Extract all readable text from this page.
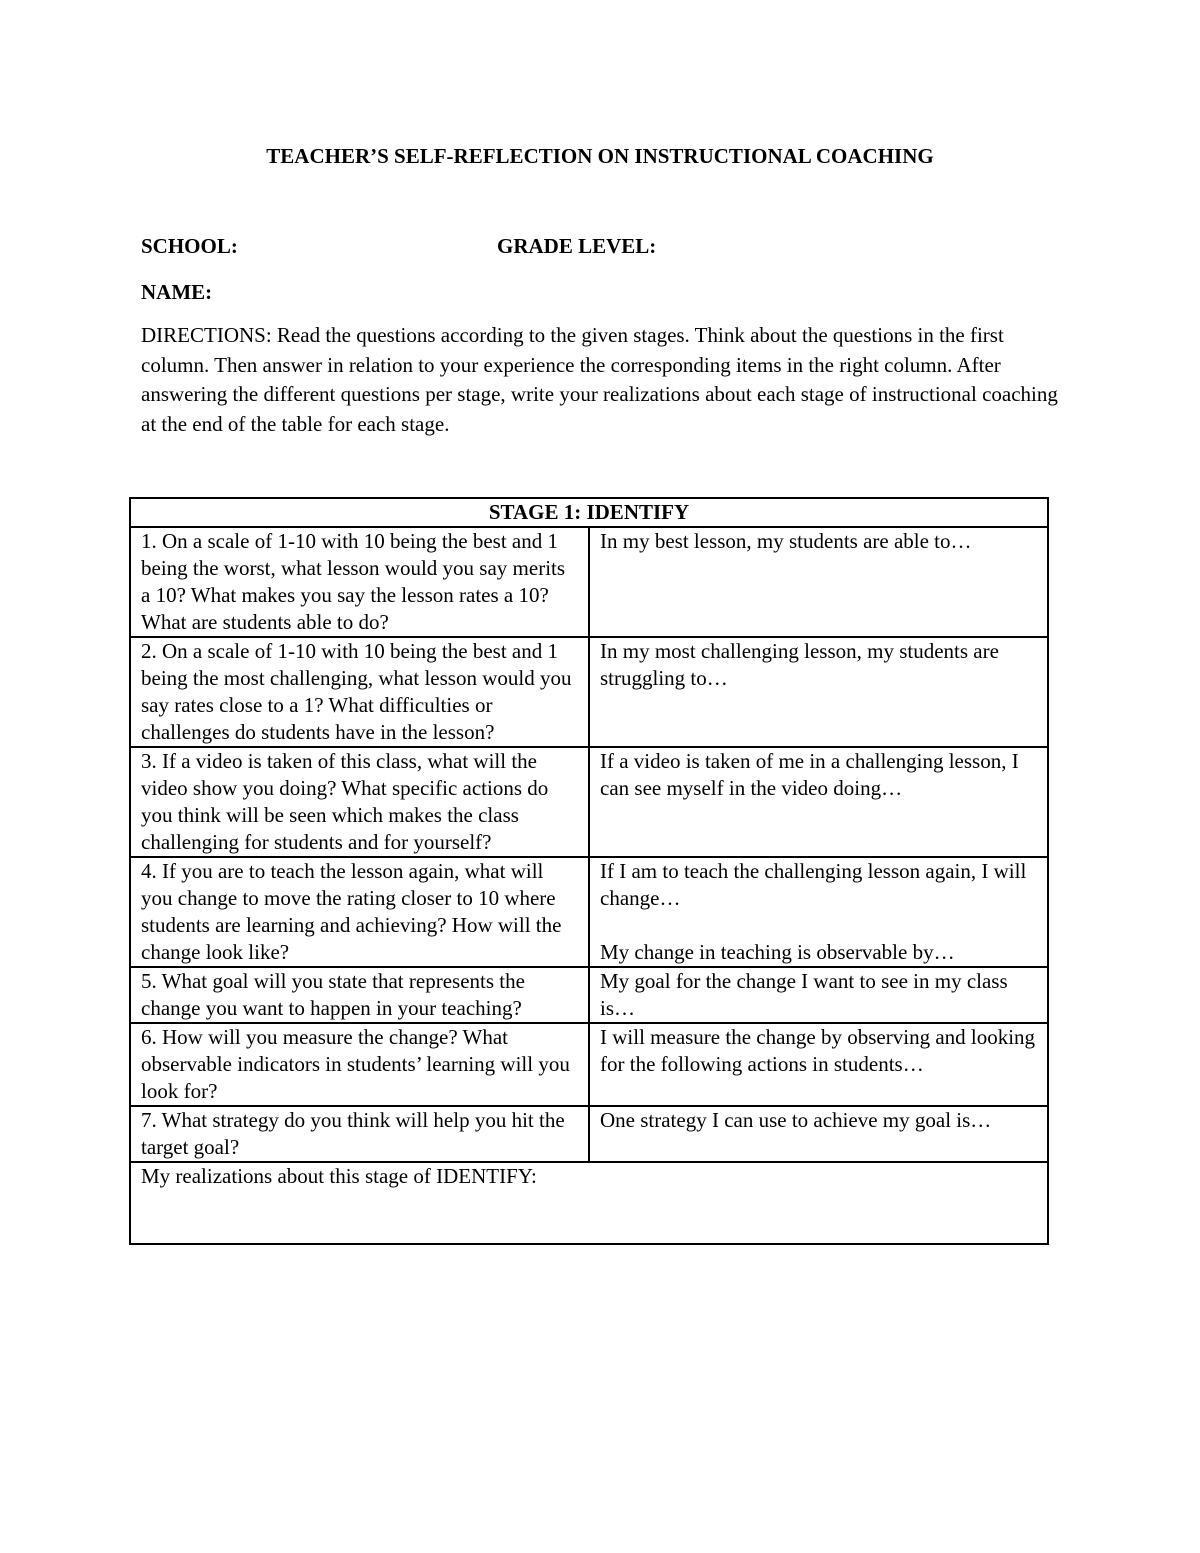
TEACHER’S SELF-REFLECTION ON INSTRUCTIONAL COACHING
SCHOOL:	GRADE LEVEL:
NAME:
DIRECTIONS: Read the questions according to the given stages. Think about the questions in the first column. Then answer in relation to your experience the corresponding items in the right column. After answering the different questions per stage, write your realizations about each stage of instructional coaching at the end of the table for each stage.
STAGE 1: IDENTIFY	
1. On a scale of 1-10 with 10 being the best and 1 being the worst, what lesson would you say merits a 10? What makes you say the lesson rates a 10? What are students able to do?	In my best lesson, my students are able to…
2. On a scale of 1-10 with 10 being the best and 1 being the most challenging, what lesson would you say rates close to a 1? What difficulties or challenges do students have in the lesson?	In my most challenging lesson, my students are struggling to…
3. If a video is taken of this class, what will the video show you doing? What specific actions do you think will be seen which makes the class challenging for students and for yourself?	If a video is taken of me in a challenging lesson, I can see myself in the video doing…
4. If you are to teach the lesson again, what will you change to move the rating closer to 10 where students are learning and achieving? How will the change look like?	If I am to teach the challenging lesson again, I will change…
My change in teaching is observable by…

5. What goal will you state that represents the change you want to happen in your teaching?	My goal for the change I want to see in my class is…
6. How will you measure the change? What observable indicators in students’ learning will you look for?	I will measure the change by observing and looking for the following actions in students…
7. What strategy do you think will help you hit the target goal?	One strategy I can use to achieve my goal is…
My realizations about this stage of IDENTIFY:	
